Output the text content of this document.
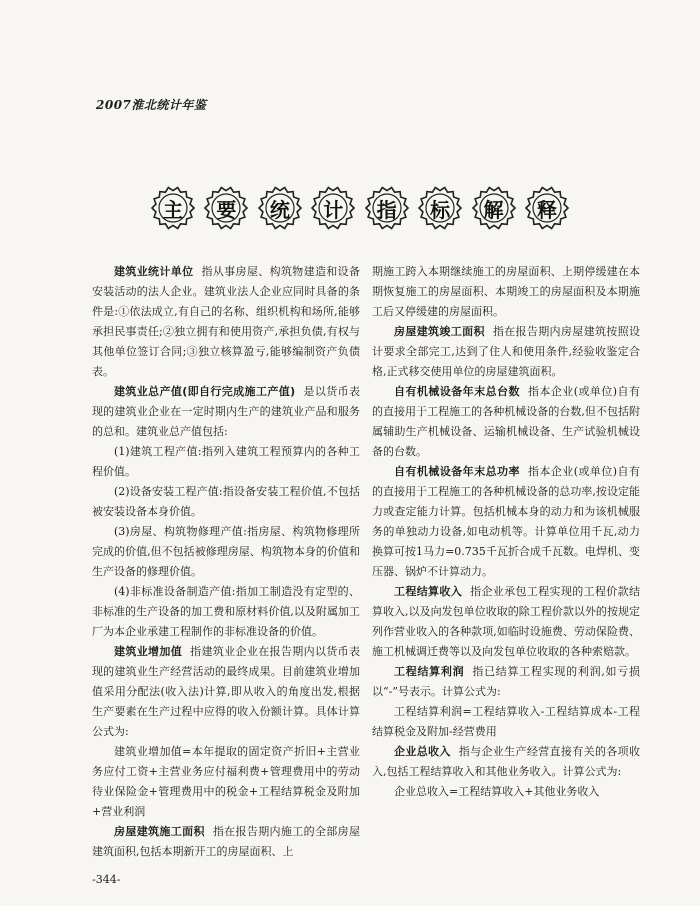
2007淮北统计年鉴
主 要 统 计 指 标 解 释

建筑业统计单位 指从事房屋、构筑物建造和设备安装活动的法人企业。建筑业法人企业应同时具备的条件是:①依法成立,有自己的名称、组织机构和场所,能够承担民事责任;②独立拥有和使用资产,承担负债,有权与其他单位签订合同;③独立核算盈亏,能够编制资产负债表。

建筑业总产值(即自行完成施工产值) 是以货币表现的建筑业企业在一定时期内生产的建筑业产品和服务的总和。建筑业总产值包括:

(1)建筑工程产值:指列入建筑工程预算内的各种工程价值。

(2)设备安装工程产值:指设备安装工程价值,不包括被安装设备本身价值。

(3)房屋、构筑物修理产值:指房屋、构筑物修理所完成的价值,但不包括被修理房屋、构筑物本身的价值和生产设备的修理价值。

(4)非标准设备制造产值:指加工制造没有定型的、非标准的生产设备的加工费和原材料价值,以及附属加工厂为本企业承建工程制作的非标准设备的价值。

建筑业增加值 指建筑业企业在报告期内以货币表现的建筑业生产经营活动的最终成果。目前建筑业增加值采用分配法(收入法)计算,即从收入的角度出发,根据生产要素在生产过程中应得的收入份额计算。具体计算公式为:

建筑业增加值=本年提取的固定资产折旧+主营业务应付工资+主营业务应付福利费+管理费用中的劳动待业保险金+管理费用中的税金+工程结算税金及附加+营业利润

房屋建筑施工面积 指在报告期内施工的全部房屋建筑面积,包括本期新开工的房屋面积、上

期施工跨入本期继续施工的房屋面积、上期停缓建在本期恢复施工的房屋面积、本期竣工的房屋面积及本期施工后又停缓建的房屋面积。

房屋建筑竣工面积 指在报告期内房屋建筑按照设计要求全部完工,达到了住人和使用条件,经验收鉴定合格,正式移交使用单位的房屋建筑面积。

自有机械设备年末总台数 指本企业(或单位)自有的直接用于工程施工的各种机械设备的台数,但不包括附属辅助生产机械设备、运输机械设备、生产试验机械设备的台数。

自有机械设备年末总功率 指本企业(或单位)自有的直接用于工程施工的各种机械设备的总功率,按设定能力或查定能力计算。包括机械本身的动力和为该机械服务的单独动力设备,如电动机等。计算单位用千瓦,动力换算可按1马力=0.735千瓦折合成千瓦数。电焊机、变压器、锅炉不计算动力。

工程结算收入 指企业承包工程实现的工程价款结算收入,以及向发包单位收取的除工程价款以外的按规定列作营业收入的各种款项,如临时设施费、劳动保险费、施工机械调迁费等以及向发包单位收取的各种索赔款。

工程结算利润 指已结算工程实现的利润,如亏损以“-”号表示。计算公式为:

工程结算利润=工程结算收入-工程结算成本-工程结算税金及附加-经营费用

企业总收入 指与企业生产经营直接有关的各项收入,包括工程结算收入和其他业务收入。计算公式为:

企业总收入=工程结算收入+其他业务收入

-344-
